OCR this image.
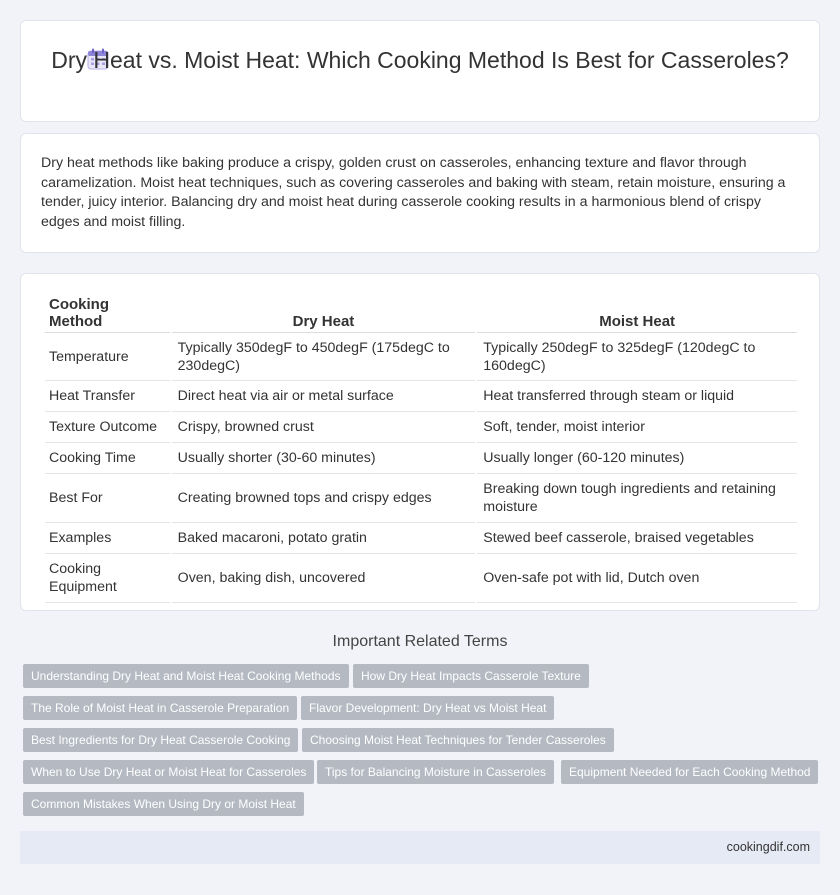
Dry Heat vs. Moist Heat: Which Cooking Method Is Best for Casseroles?

Dry heat methods like baking produce a crispy, golden crust on casseroles, enhancing texture and flavor through caramelization. Moist heat techniques, such as covering casseroles and baking with steam, retain moisture, ensuring a tender, juicy interior. Balancing dry and moist heat during casserole cooking results in a harmonious blend of crispy edges and moist filling.

Cooking Method	Dry Heat	Moist Heat
Temperature	Typically 350degF to 450degF (175degC to 230degC)	Typically 250degF to 325degF (120degC to 160degC)
Heat Transfer	Direct heat via air or metal surface	Heat transferred through steam or liquid
Texture Outcome	Crispy, browned crust	Soft, tender, moist interior
Cooking Time	Usually shorter (30-60 minutes)	Usually longer (60-120 minutes)
Best For	Creating browned tops and crispy edges	Breaking down tough ingredients and retaining moisture
Examples	Baked macaroni, potato gratin	Stewed beef casserole, braised vegetables
Cooking Equipment	Oven, baking dish, uncovered	Oven-safe pot with lid, Dutch oven
Important Related Terms
Understanding Dry Heat and Moist Heat Cooking Methods	How Dry Heat Impacts Casserole Texture
The Role of Moist Heat in Casserole Preparation	Flavor Development: Dry Heat vs Moist Heat
Best Ingredients for Dry Heat Casserole Cooking	Choosing Moist Heat Techniques for Tender Casseroles
When to Use Dry Heat or Moist Heat for Casseroles	Tips for Balancing Moisture in Casseroles	Equipment Needed for Each Cooking Method
Common Mistakes When Using Dry or Moist Heat
cookingdif.com
